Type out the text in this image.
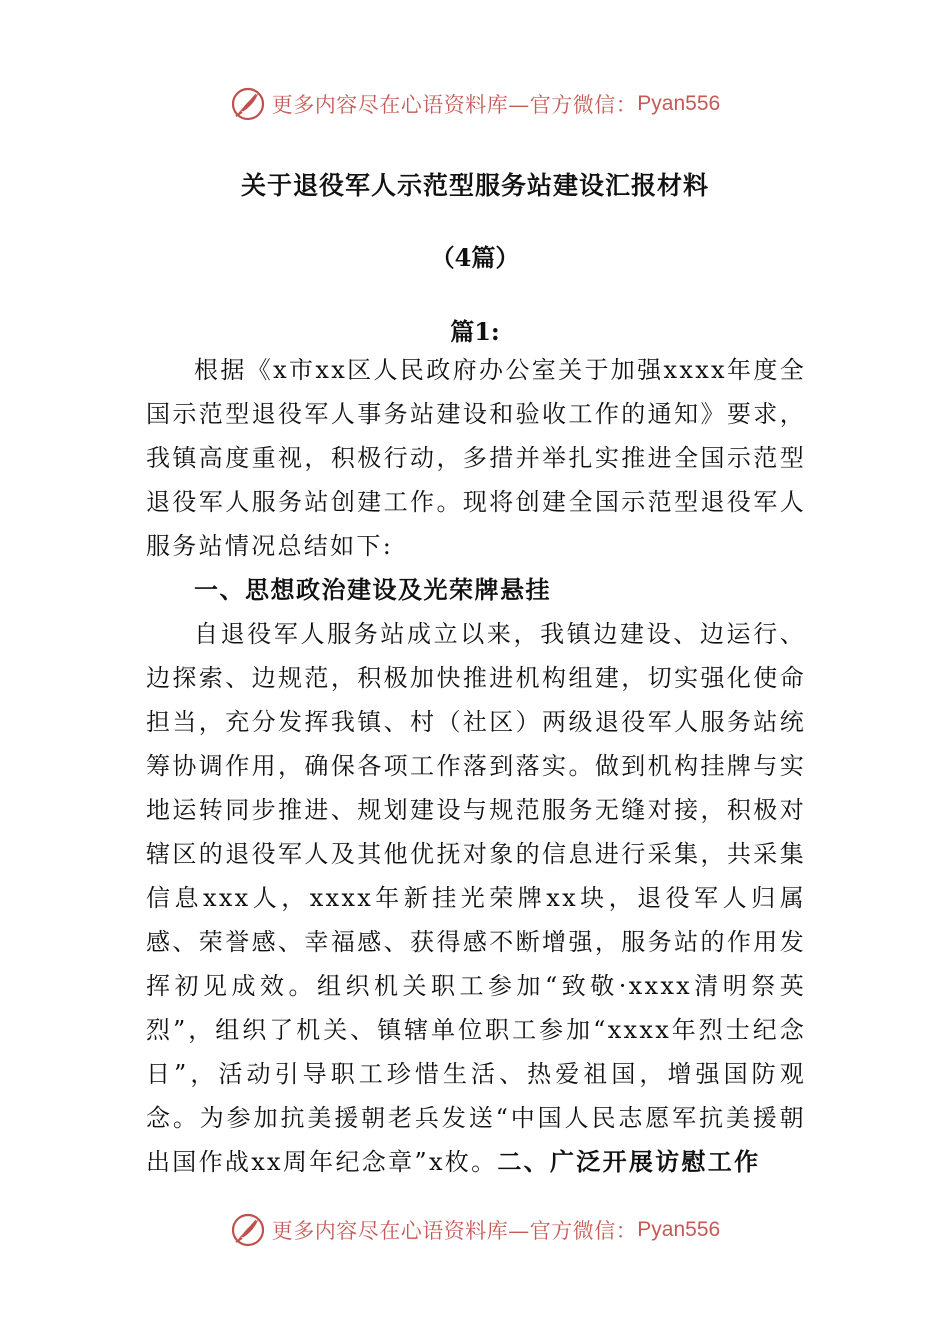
更多内容尽在心语资料库—官方微信： Pyan556
关于退役军人示范型服务站建设汇报材料
（4篇）
篇1:

根据《x市xx区人民政府办公室关于加强xxxx年度全国示范型退役军人事务站建设和验收工作的通知》要求，我镇高度重视，积极行动，多措并举扎实推进全国示范型退役军人服务站创建工作。现将创建全国示范型退役军人服务站情况总结如下:

一、思想政治建设及光荣牌悬挂

自退役军人服务站成立以来，我镇边建设、边运行、边探索、边规范，积极加快推进机构组建，切实强化使命担当，充分发挥我镇、村（社区）两级退役军人服务站统筹协调作用，确保各项工作落到落实。做到机构挂牌与实地运转同步推进、规划建设与规范服务无缝对接，积极对辖区的退役军人及其他优抚对象的信息进行采集，共采集信息xxx人，xxxx年新挂光荣牌xx块，退役军人归属感、荣誉感、幸福感、获得感不断增强，服务站的作用发挥初见成效。组织机关职工参加“致敬·xxxx清明祭英烈”，组织了机关、镇辖单位职工参加“xxxx年烈士纪念日”，活动引导职工珍惜生活、热爱祖国，增强国防观念。为参加抗美援朝老兵发送“中国人民志愿军抗美援朝出国作战xx周年纪念章”x枚。二、广泛开展访慰工作

更多内容尽在心语资料库—官方微信： Pyan556
